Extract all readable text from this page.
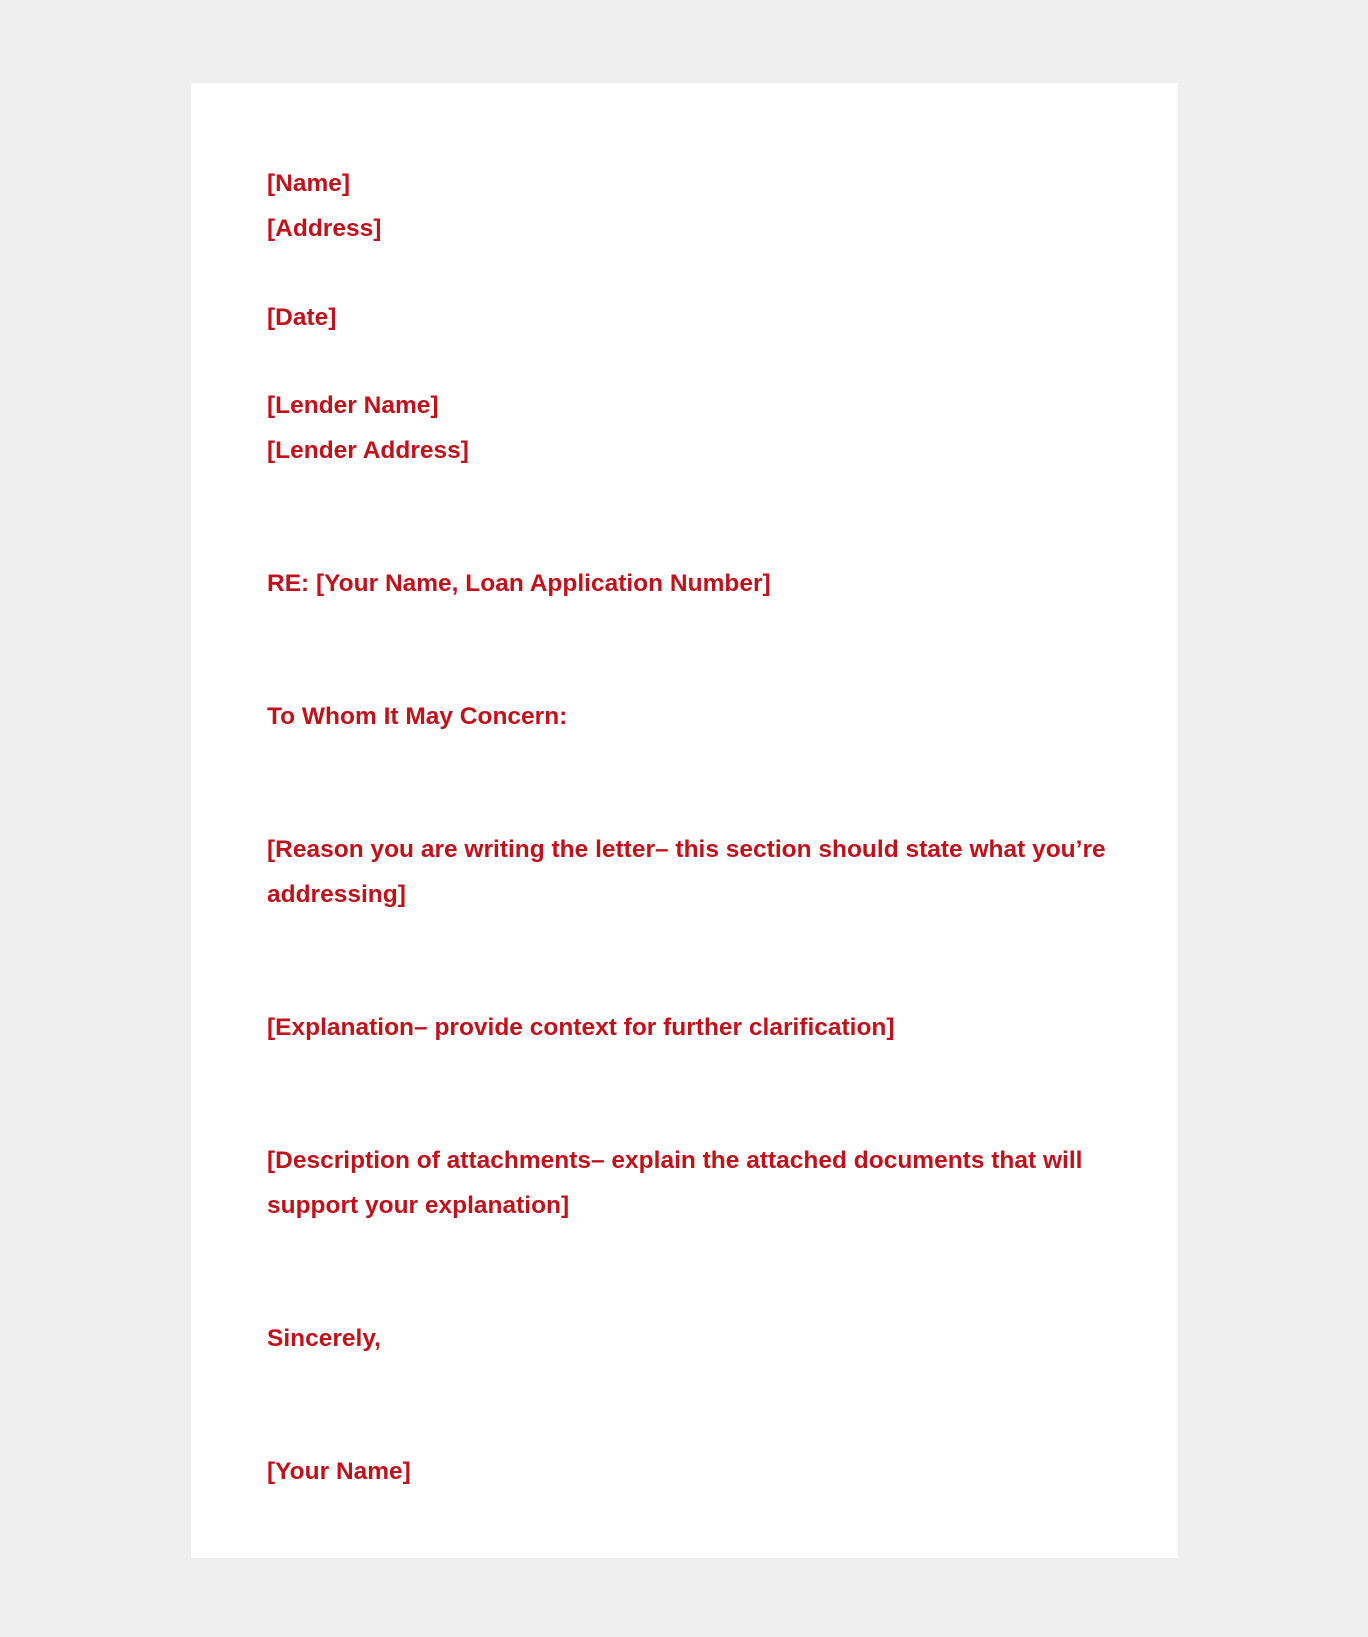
[Name]

[Address]

[Date]

[Lender Name]

[Lender Address]

RE: [Your Name, Loan Application Number]

To Whom It May Concern:

[Reason you are writing the letter– this section should state what you’re addressing]

[Explanation– provide context for further clarification]

[Description of attachments– explain the attached documents that will support your explanation]

Sincerely,

[Your Name]
